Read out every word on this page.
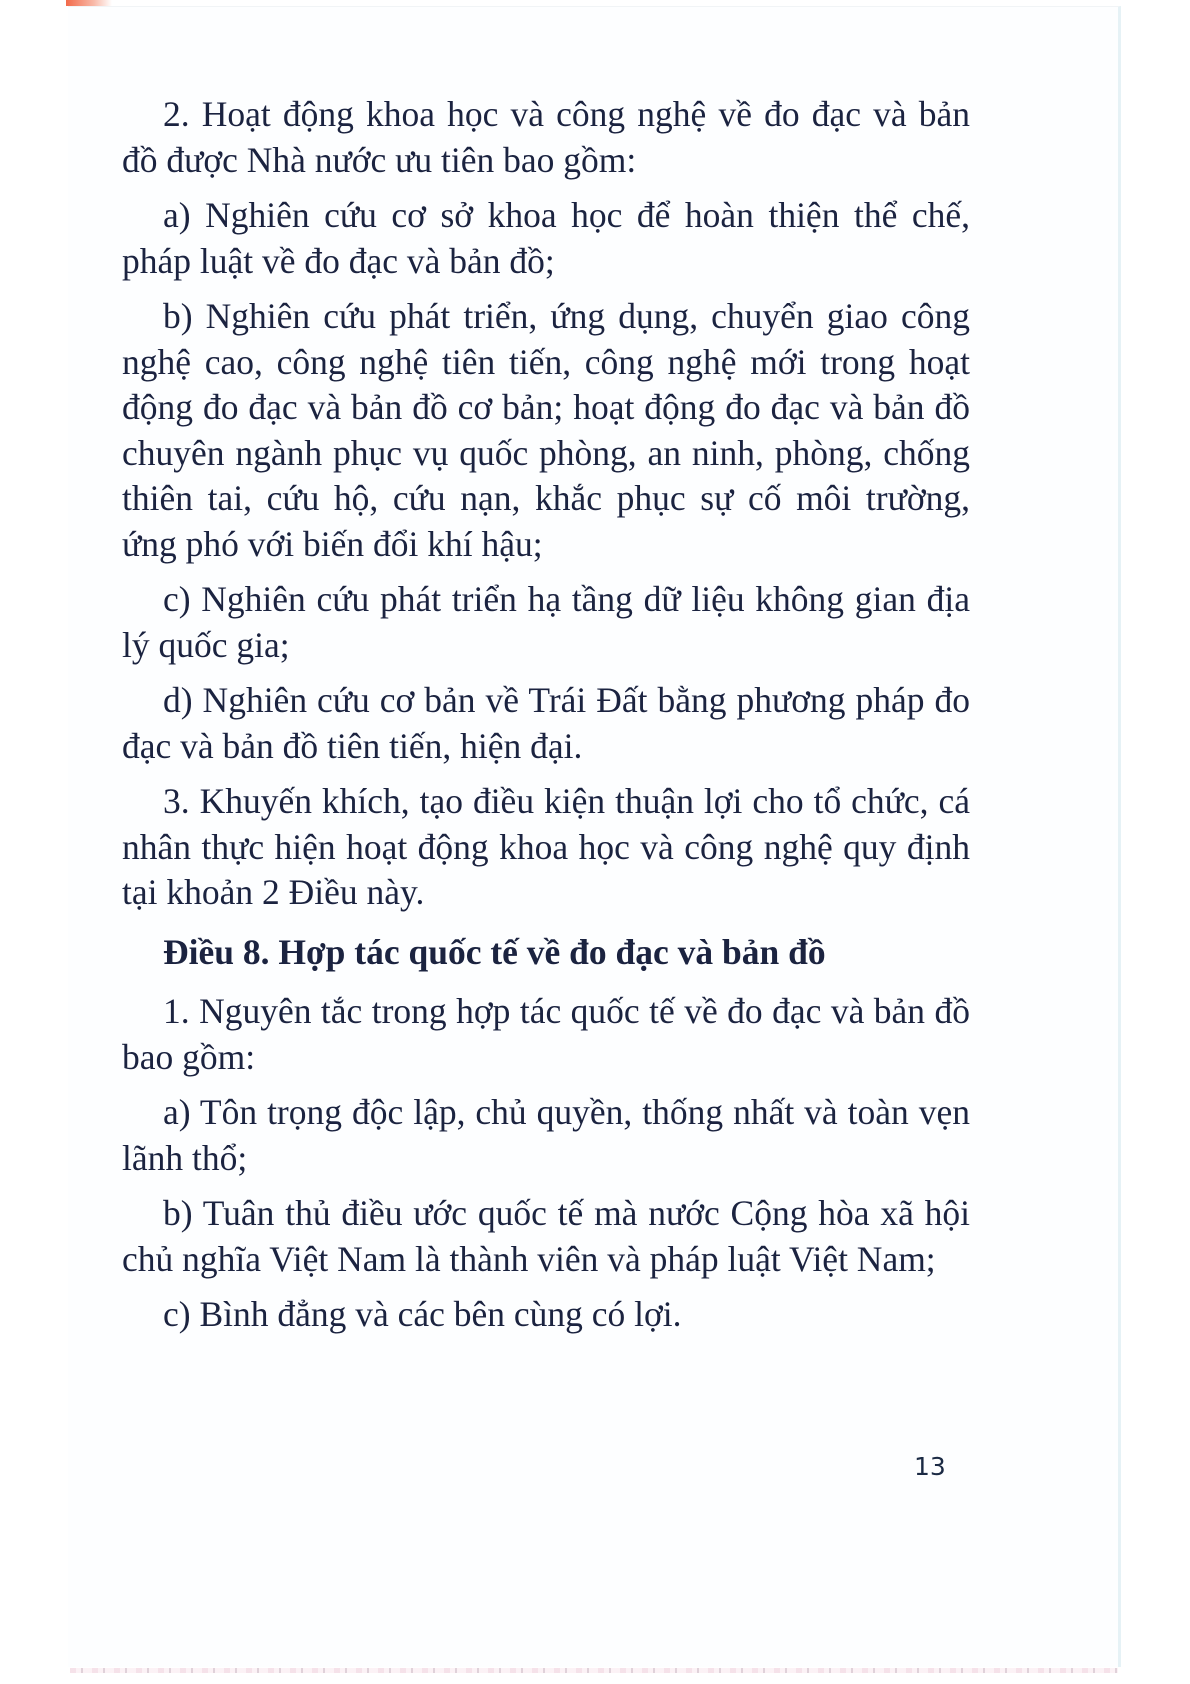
2. Hoạt động khoa học và công nghệ về đo đạc và bản đồ được Nhà nước ưu tiên bao gồm:

a) Nghiên cứu cơ sở khoa học để hoàn thiện thể chế, pháp luật về đo đạc và bản đồ;

b) Nghiên cứu phát triển, ứng dụng, chuyển giao công nghệ cao, công nghệ tiên tiến, công nghệ mới trong hoạt động đo đạc và bản đồ cơ bản; hoạt động đo đạc và bản đồ chuyên ngành phục vụ quốc phòng, an ninh, phòng, chống thiên tai, cứu hộ, cứu nạn, khắc phục sự cố môi trường, ứng phó với biến đổi khí hậu;

c) Nghiên cứu phát triển hạ tầng dữ liệu không gian địa lý quốc gia;

d) Nghiên cứu cơ bản về Trái Đất bằng phương pháp đo đạc và bản đồ tiên tiến, hiện đại.

3. Khuyến khích, tạo điều kiện thuận lợi cho tổ chức, cá nhân thực hiện hoạt động khoa học và công nghệ quy định tại khoản 2 Điều này.

Điều 8. Hợp tác quốc tế về đo đạc và bản đồ

1. Nguyên tắc trong hợp tác quốc tế về đo đạc và bản đồ bao gồm:

a) Tôn trọng độc lập, chủ quyền, thống nhất và toàn vẹn lãnh thổ;

b) Tuân thủ điều ước quốc tế mà nước Cộng hòa xã hội chủ nghĩa Việt Nam là thành viên và pháp luật Việt Nam;

c) Bình đẳng và các bên cùng có lợi.

13
